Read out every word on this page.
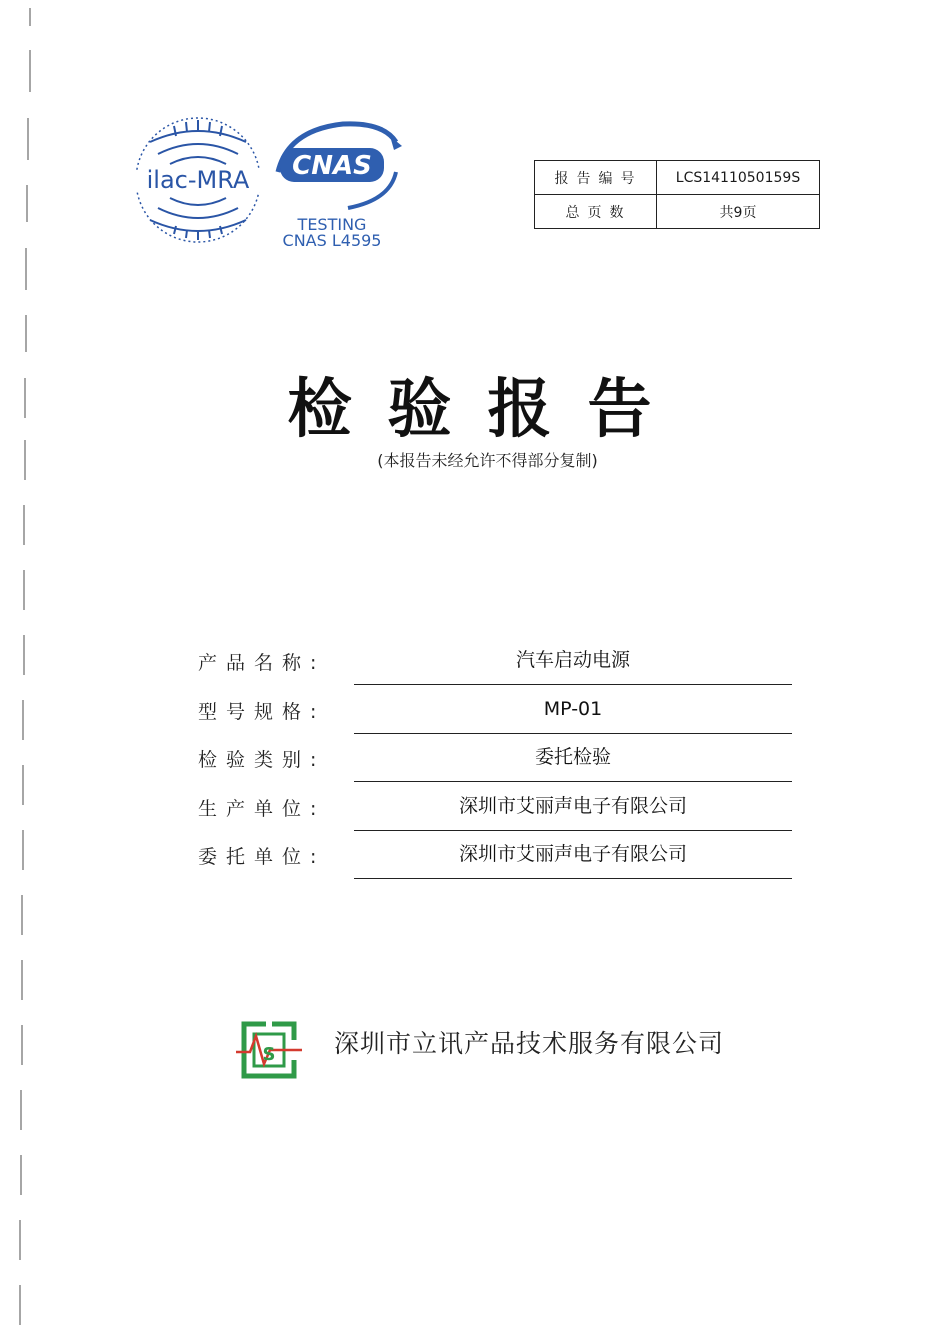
ilac-MRA CNAS
TESTING
CNAS L4595
报告编号	LCS1411050159S
总页数	共9页
检验报告
(本报告未经允许不得部分复制)
产品名称:	汽车启动电源
型号规格:	MP-01
检验类别:	委托检验
生产单位:	深圳市艾丽声电子有限公司
委托单位:	深圳市艾丽声电子有限公司
S 深圳市立讯产品技术服务有限公司
